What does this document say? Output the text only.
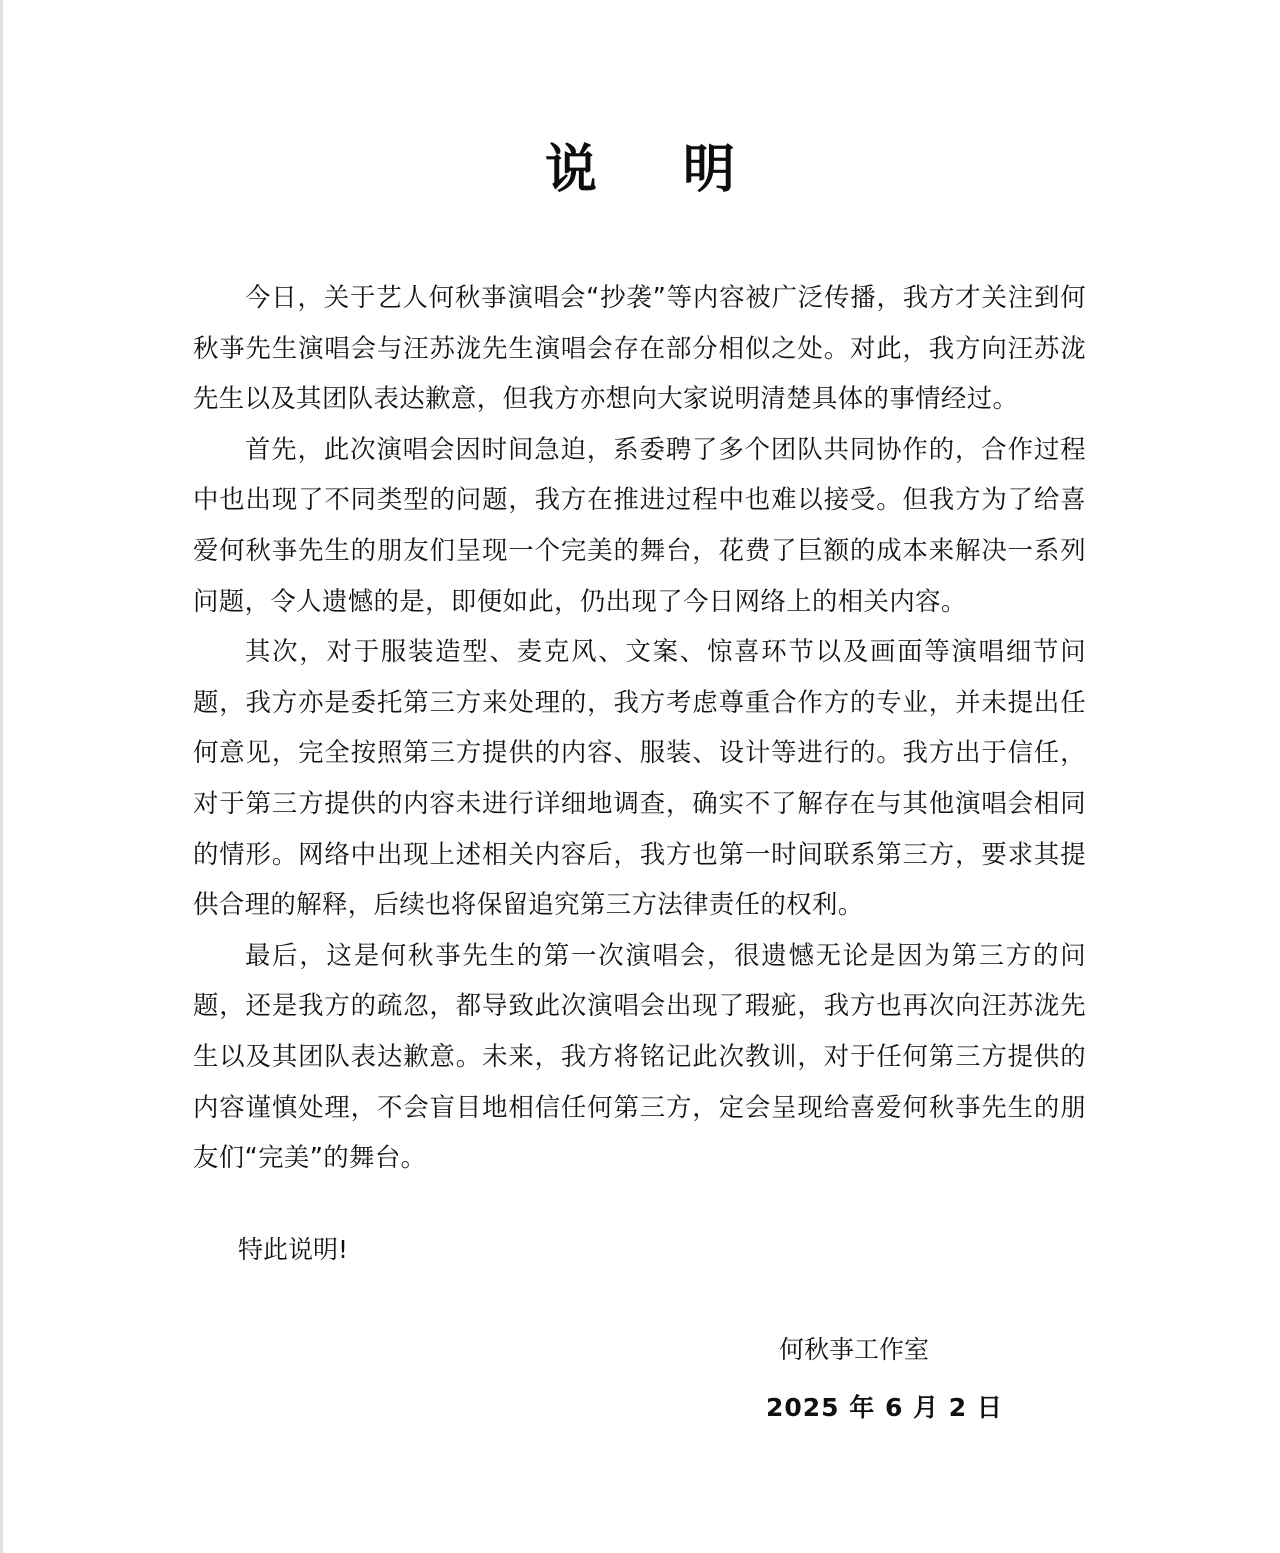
说 明

今日，关于艺人何秋亊演唱会“抄袭”等内容被广泛传播，我方才关注到何秋亊先生演唱会与汪苏泷先生演唱会存在部分相似之处。对此，我方向汪苏泷先生以及其团队表达歉意，但我方亦想向大家说明清楚具体的事情经过。

首先，此次演唱会因时间急迫，系委聘了多个团队共同协作的，合作过程中也出现了不同类型的问题，我方在推进过程中也难以接受。但我方为了给喜爱何秋亊先生的朋友们呈现一个完美的舞台，花费了巨额的成本来解决一系列问题，令人遗憾的是，即便如此，仍出现了今日网络上的相关内容。

其次，对于服装造型、麦克风、文案、惊喜环节以及画面等演唱细节问题，我方亦是委托第三方来处理的，我方考虑尊重合作方的专业，并未提出任何意见，完全按照第三方提供的内容、服装、设计等进行的。我方出于信任，对于第三方提供的内容未进行详细地调查，确实不了解存在与其他演唱会相同的情形。网络中出现上述相关内容后，我方也第一时间联系第三方，要求其提供合理的解释，后续也将保留追究第三方法律责任的权利。

最后，这是何秋亊先生的第一次演唱会，很遗憾无论是因为第三方的问题，还是我方的疏忽，都导致此次演唱会出现了瑕疵，我方也再次向汪苏泷先生以及其团队表达歉意。未来，我方将铭记此次教训，对于任何第三方提供的内容谨慎处理，不会盲目地相信任何第三方，定会呈现给喜爱何秋亊先生的朋友们“完美”的舞台。

特此说明!
何秋亊工作室
2025 年 6 月 2 日
